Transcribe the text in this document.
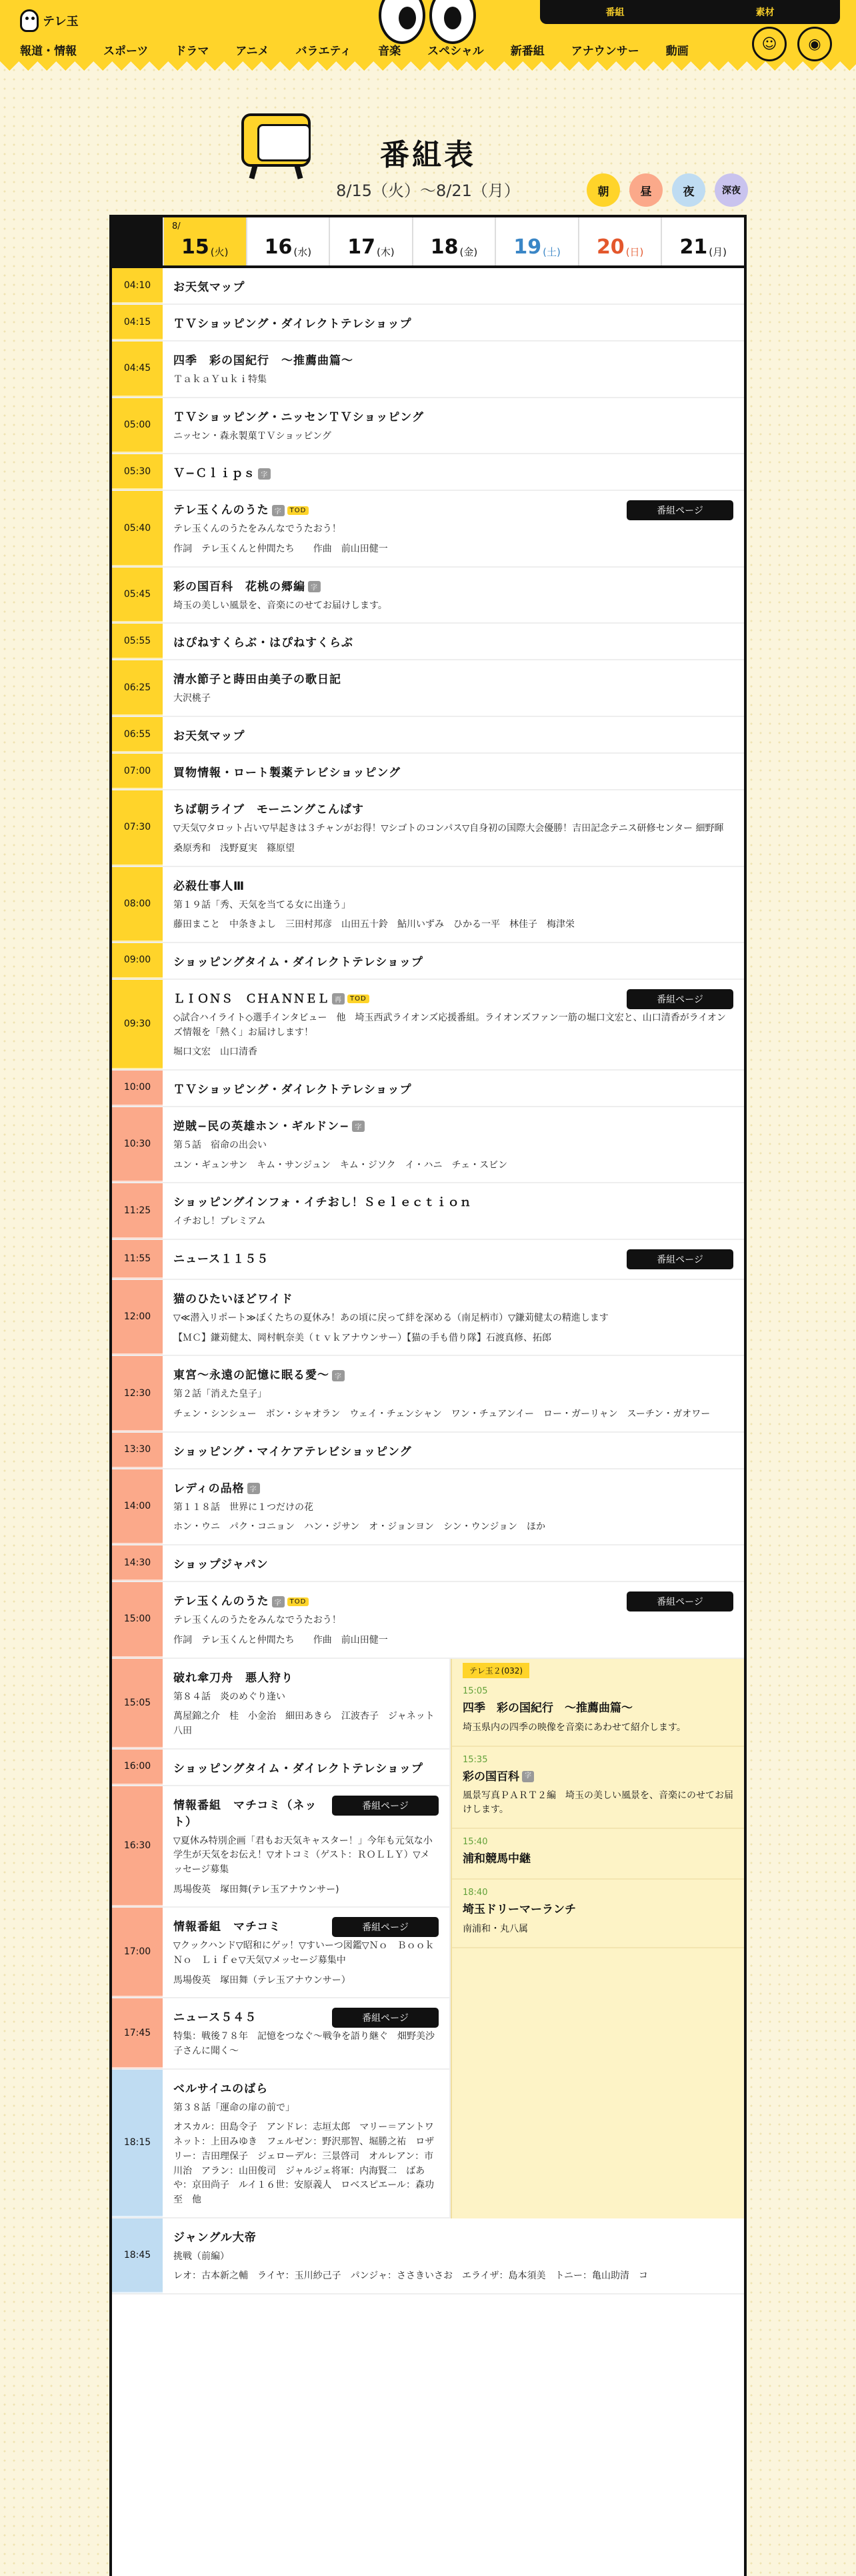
テレ玉
報道・情報 スポーツ ドラマ アニメ バラエティ 音楽 スペシャル 新番組 アナウンサー 動画
番組	素材
☺	◉
番組表
8/15（火）〜8/21（月）	朝	昼	夜	深夜
8/
15 (火) 16 (水) 17 (木) 18 (金) 19 (土) 20 (日) 21 (月)
04:10	お天気マップ
04:15	ＴＶショッピング・ダイレクトテレショップ
04:45
四季　彩の国紀行　〜推薦曲篇〜
ＴａｋａＹｕｋｉ特集
05:00
ＴＶショッピング・ニッセンＴＶショッピング
ニッセン・森永製菓ＴＶショッピング
05:30	Ｖ−Ｃｌｉｐｓ 字
05:40
テレ玉くんのうた 字 TOD
テレ玉くんのうたをみんなでうたおう！
作詞　テレ玉くんと仲間たち　　作曲　前山田健一
番組ページ
05:45
彩の国百科　花桃の郷編 字
埼玉の美しい風景を、音楽にのせてお届けします。
05:55	はぴねすくらぶ・はぴねすくらぶ
06:25
清水節子と蒔田由美子の歌日記
大沢桃子
06:55	お天気マップ
07:00	買物情報・ロート製薬テレビショッピング
07:30
ちば朝ライブ　モーニングこんぱす
▽天気▽タロット占い▽早起きは３チャンがお得！▽シゴトのコンパス▽自身初の国際大会優勝！吉田記念テニス研修センター 細野暉
桑原秀和　浅野夏実　篠原望
08:00
必殺仕事人Ⅲ
第１９話「秀、天気を当てる女に出逢う」
藤田まこと　中条きよし　三田村邦彦　山田五十鈴　鮎川いずみ　ひかる一平　林佳子　梅津栄
09:00	ショッピングタイム・ダイレクトテレショップ
09:30
ＬＩＯＮＳ　ＣＨＡＮＮＥＬ 再 TOD
◇試合ハイライト◇選手インタビュー　他　埼玉西武ライオンズ応援番組。ライオンズファン一筋の堀口文宏と、山口清香がライオンズ情報を「熱く」お届けします！
堀口文宏　山口清香
番組ページ
10:00	ＴＶショッピング・ダイレクトテレショップ
10:30
逆賊−民の英雄ホン・ギルドン− 字
第５話　宿命の出会い
ユン・ギュンサン　キム・サンジュン　キム・ジソク　イ・ハニ　チェ・スビン
11:25
ショッピングインフォ・イチおし！Ｓｅｌｅｃｔｉｏｎ
イチおし！プレミアム
11:55	ニュース１１５５	番組ページ
12:00
猫のひたいほどワイド
▽≪潜入リポート≫ぼくたちの夏休み！あの頃に戻って絆を深める（南足柄市）▽鎌苅健太の精進します
【ＭＣ】鎌苅健太、岡村帆奈美（ｔｖｋアナウンサー）【猫の手も借り隊】石渡真修、拓郎
12:30
東宮〜永遠の記憶に眠る愛〜 字
第２話「消えた皇子」
チェン・シンシュー　ボン・シャオラン　ウェイ・チェンシャン　ワン・チュアンイー　ロー・ガーリャン　スーチン・ガオワー
13:30	ショッピング・マイケアテレビショッピング
14:00
レディの品格 字
第１１８話　世界に１つだけの花
ホン・ウニ　パク・コニョン　ハン・ジサン　オ・ジョンヨン　シン・ウンジョン　ほか
14:30	ショップジャパン
15:00
テレ玉くんのうた 字 TOD
テレ玉くんのうたをみんなでうたおう！
作詞　テレ玉くんと仲間たち　　作曲　前山田健一
番組ページ
15:05
破れ傘刀舟　悪人狩り
第８４話　炎のめぐり逢い
萬屋錦之介　桂　小金治　細田あきら　江波杏子　ジャネット八田
16:00	ショッピングタイム・ダイレクトテレショップ
16:30
情報番組　マチコミ（ネット）
▽夏休み特別企画「君もお天気キャスター！」今年も元気な小学生が天気をお伝え！▽オトコミ（ゲスト：ＲＯＬＬＹ）▽メッセージ募集
馬場俊英　塚田舞(テレ玉アナウンサー)
番組ページ
17:00
情報番組　マチコミ
▽クックハンド▽昭和にゲッ！▽すいーつ図鑑▽Ｎｏ　Ｂｏｏｋ　Ｎｏ　Ｌｉｆｅ▽天気▽メッセージ募集中
馬場俊英　塚田舞（テレ玉アナウンサー）
番組ページ
17:45
ニュース５４５
特集：戦後７８年　記憶をつなぐ〜戦争を語り継ぐ　畑野美沙子さんに聞く〜
番組ページ
18:15
ベルサイユのばら
第３８話「運命の扉の前で」
オスカル：田島令子　アンドレ：志垣太郎　マリー＝アントワネット：上田みゆき　フェルゼン：野沢那智、堀勝之祐　ロザリー：吉田理保子　ジェローデル：三景啓司　オルレアン：市川治　アラン：山田俊司　ジャルジェ将軍：内海賢二　ばあや：京田尚子　ルイ１６世：安原義人　ロベスピエール：森功至　他
18:45
ジャングル大帝
挑戦（前編）
レオ：古本新之輔　ライヤ：玉川紗己子　パンジャ：ささきいさお　エライザ：島本須美　トニー：亀山助清　コ
テレ玉２(032)
15:05
四季　彩の国紀行　〜推薦曲篇〜
埼玉県内の四季の映像を音楽にあわせて紹介します。
15:35
彩の国百科 字
風景写真ＰＡＲＴ２編　埼玉の美しい風景を、音楽にのせてお届けします。
15:40
浦和競馬中継
18:40
埼玉ドリーマーランチ
南浦和・丸八属
